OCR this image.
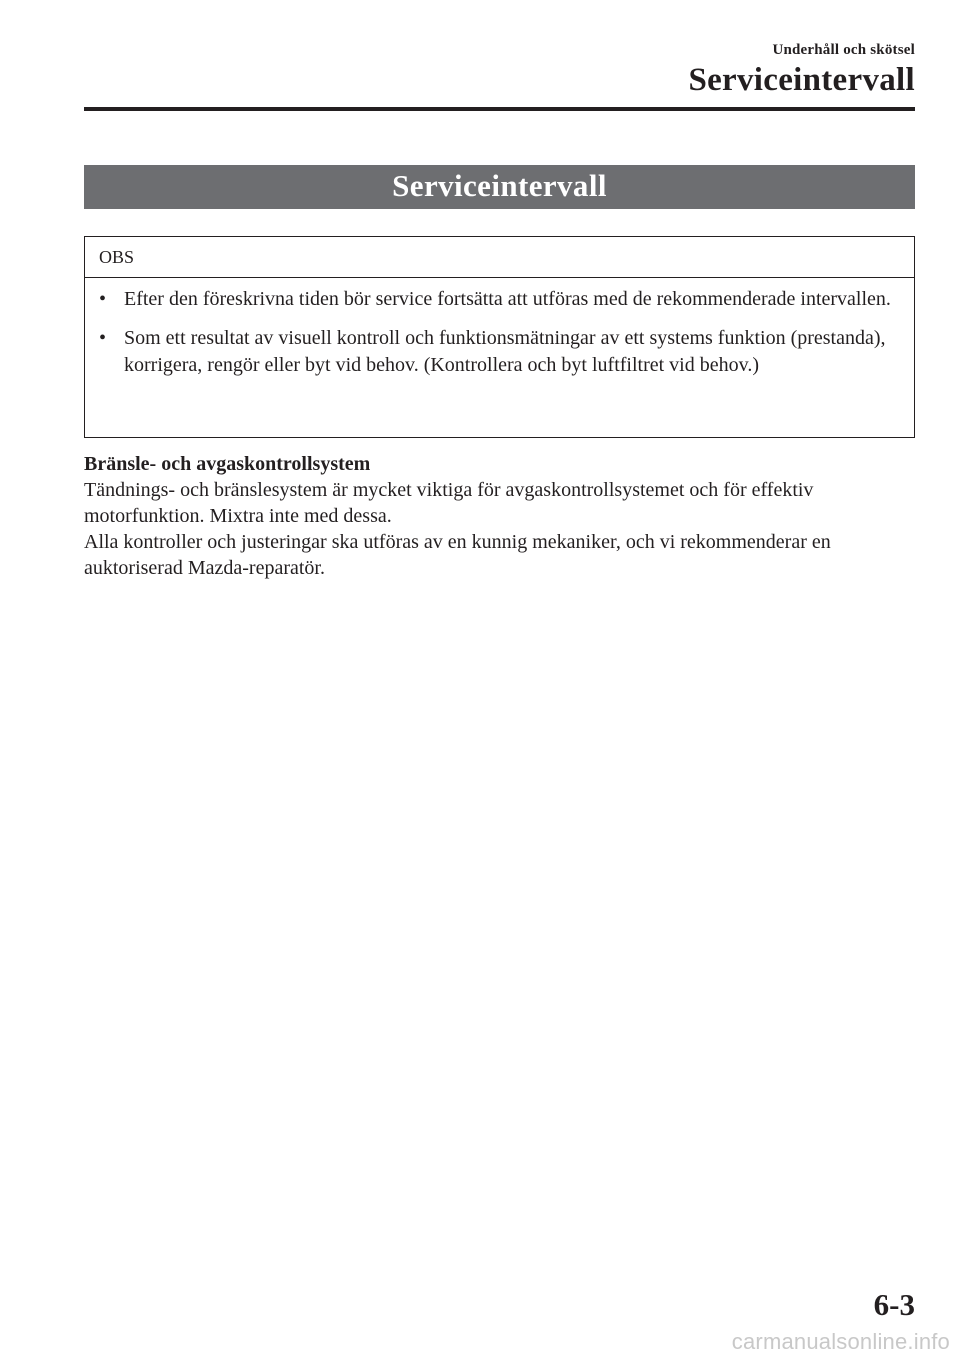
Underhåll och skötsel
Serviceintervall
Serviceintervall
OBS
• Efter den föreskrivna tiden bör service fortsätta att utföras med de rekommenderade intervallen.
• Som ett resultat av visuell kontroll och funktionsmätningar av ett systems funktion (prestanda), korrigera, rengör eller byt vid behov. (Kontrollera och byt luftfiltret vid behov.)
Bränsle- och avgaskontrollsystem
Tändnings- och bränslesystem är mycket viktiga för avgaskontrollsystemet och för effektiv motorfunktion. Mixtra inte med dessa.
Alla kontroller och justeringar ska utföras av en kunnig mekaniker, och vi rekommenderar en auktoriserad Mazda-reparatör.
6-3
carmanualsonline.info
